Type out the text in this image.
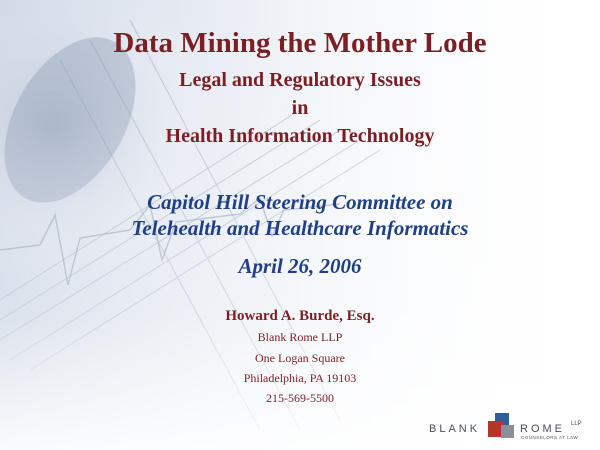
Data Mining the Mother Lode
Legal and Regulatory Issues
in
Health Information Technology
Capitol Hill Steering Committee on
Telehealth and Healthcare Informatics
April 26, 2006
Howard A. Burde, Esq.
Blank Rome LLP
One Logan Square
Philadelphia, PA 19103
215-569-5500
BLANK	ROME LLP
COUNSELORS AT LAW
